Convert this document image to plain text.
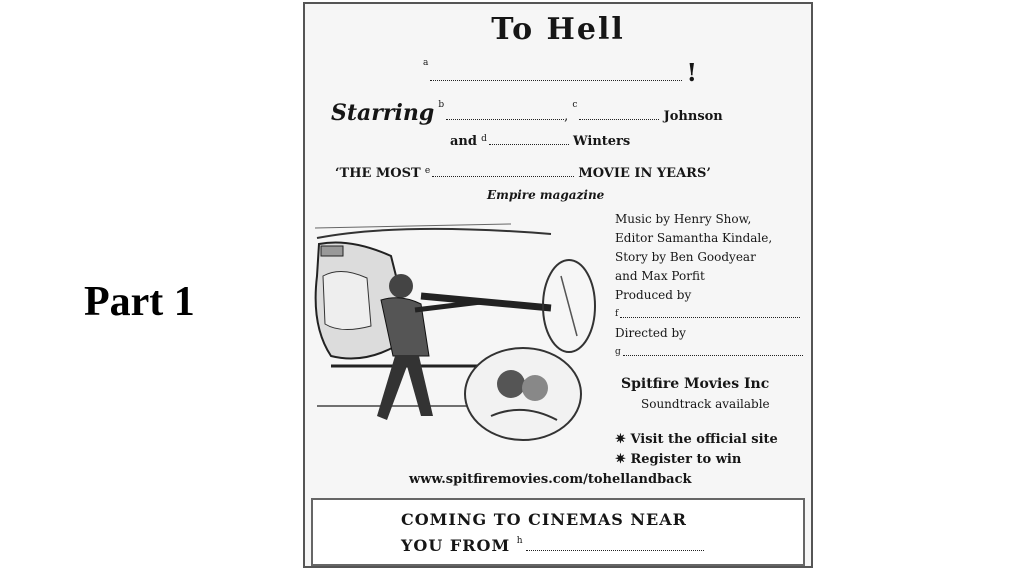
Part 1
To Hell
$^a$	!
Starring $^b$, $^c$ Johnson
and $^d$	Winters
‘THE MOST $^e$	MOVIE IN YEARS’
Empire magazine
Music by Henry Show,
Editor Samantha Kindale,
Story by Ben Goodyear
and Max Porfit
Produced by
$^f$
Directed by
$^g$
Spitfire Movies Inc
Soundtrack available
✷ Visit the official site
✷ Register to win
www.spitfiremovies.com/tohellandback
COMING TO CINEMAS NEAR
YOU FROM $^h$
